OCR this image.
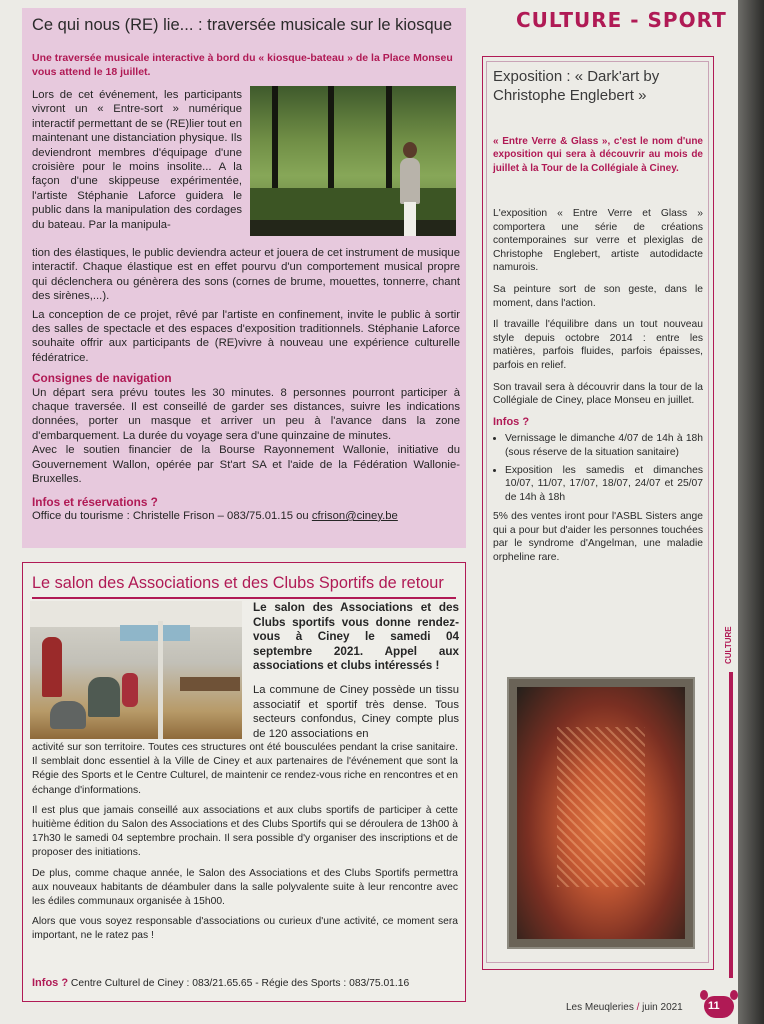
Ce qui nous (RE) lie... : traversée musicale sur le kiosque
Une traversée musicale interactive à bord du « kiosque-bateau » de la Place Monseu vous attend le 18 juillet.

Lors de cet événement, les participants vivront un « Entre-sort » numérique interactif permettant de se (RE)lier tout en maintenant une distanciation physique. Ils deviendront membres d'équipage d'une croisière pour le moins insolite... A la façon d'une skippeuse expérimentée, l'artiste Stéphanie Laforce guidera le public dans la manipulation des cordages du bateau. Par la manipula-

tion des élastiques, le public deviendra acteur et jouera de cet instrument de musique interactif. Chaque élastique est en effet pourvu d'un comportement musical propre qui déclenchera ou génèrera des sons (cornes de brume, mouettes, tonnerre, chant des sirènes,...).

La conception de ce projet, rêvé par l'artiste en confinement, invite le public à sortir des salles de spectacle et des espaces d'exposition traditionnels. Stéphanie Laforce souhaite offrir aux participants de (RE)vivre à nouveau une expérience culturelle fédératrice.

Consignes de navigation

Un départ sera prévu toutes les 30 minutes. 8 personnes pourront participer à chaque traversée. Il est conseillé de garder ses distances, suivre les indications données, porter un masque et arriver un peu à l'avance dans la zone d'embarquement. La durée du voyage sera d'une quinzaine de minutes.

Avec le soutien financier de la Bourse Rayonnement Wallonie, initiative du Gouvernement Wallon, opérée par St'art SA et l'aide de la Fédération Wallonie-Bruxelles.

Infos et réservations ?

Office du tourisme : Christelle Frison – 083/75.01.15 ou cfrison@ciney.be

Le salon des Associations et des Clubs Sportifs de retour
Le salon des Associations et des Clubs sportifs vous donne rendez-vous à Ciney le samedi 04 septembre 2021. Appel aux associations et clubs intéressés !
La commune de Ciney possède un tissu associatif et sportif très dense. Tous secteurs confondus, Ciney compte plus de 120 associations en

activité sur son territoire. Toutes ces structures ont été bousculées pendant la crise sanitaire. Il semblait donc essentiel à la Ville de Ciney et aux partenaires de l'événement que sont la Régie des Sports et le Centre Culturel, de maintenir ce rendez-vous riche en rencontres et en échange d'informations.

Il est plus que jamais conseillé aux associations et aux clubs sportifs de participer à cette huitième édition du Salon des Associations et des Clubs Sportifs qui se déroulera de 13h00 à 17h30 le samedi 04 septembre prochain. Il sera possible d'y organiser des inscriptions et de proposer des initiations.

De plus, comme chaque année, le Salon des Associations et des Clubs Sportifs permettra aux nouveaux habitants de déambuler dans la salle polyvalente suite à leur rencontre avec les édiles communaux organisée à 15h00.

Alors que vous soyez responsable d'associations ou curieux d'une activité, ce moment sera important, ne le ratez pas !

Infos ? Centre Culturel de Ciney : 083/21.65.65 - Régie des Sports : 083/75.01.16
CULTURE - SPORT
Exposition : « Dark'art by Christophe Englebert »
« Entre Verre & Glass », c'est le nom d'une exposition qui sera à découvrir au mois de juillet à la Tour de la Collégiale à Ciney.

L'exposition « Entre Verre et Glass » comportera une série de créations contemporaines sur verre et plexiglas de Christophe Englebert, artiste autodidacte namurois.

Sa peinture sort de son geste, dans le moment, dans l'action.

Il travaille l'équilibre dans un tout nouveau style depuis octobre 2014 : entre les matières, parfois fluides, parfois épaisses, parfois en relief.

Son travail sera à découvrir dans la tour de la Collégiale de Ciney, place Monseu en juillet.

Infos ?
• Vernissage le dimanche 4/07 de 14h à 18h (sous réserve de la situation sanitaire)
• Exposition les samedis et dimanches 10/07, 11/07, 17/07, 18/07, 24/07 et 25/07 de 14h à 18h

5% des ventes iront pour l'ASBL Sisters ange qui a pour but d'aider les personnes touchées par le syndrome d'Angelman, une maladie orpheline rare.

CULTURE
Les Meuqleries / juin 2021 11
